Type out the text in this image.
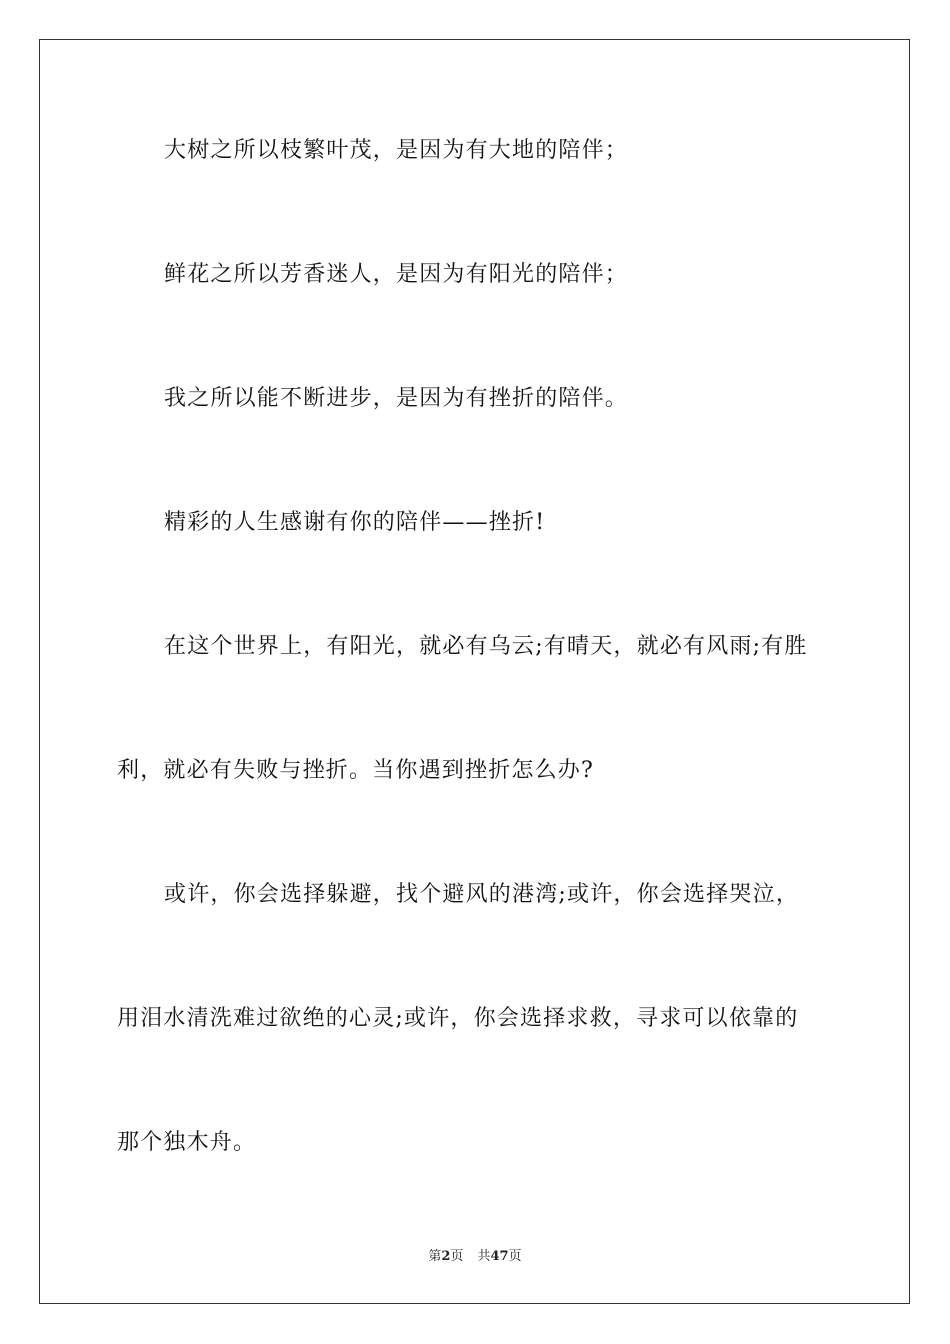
大树之所以枝繁叶茂，是因为有大地的陪伴；
鲜花之所以芳香迷人，是因为有阳光的陪伴；
我之所以能不断进步，是因为有挫折的陪伴。
精彩的人生感谢有你的陪伴——挫折!
在这个世界上，有阳光，就必有乌云;有晴天，就必有风雨;有胜
利，就必有失败与挫折。当你遇到挫折怎么办?
或许，你会选择躲避，找个避风的港湾;或许，你会选择哭泣，
用泪水清洗难过欲绝的心灵;或许，你会选择求救，寻求可以依靠的
那个独木舟。
第2页 共47页
